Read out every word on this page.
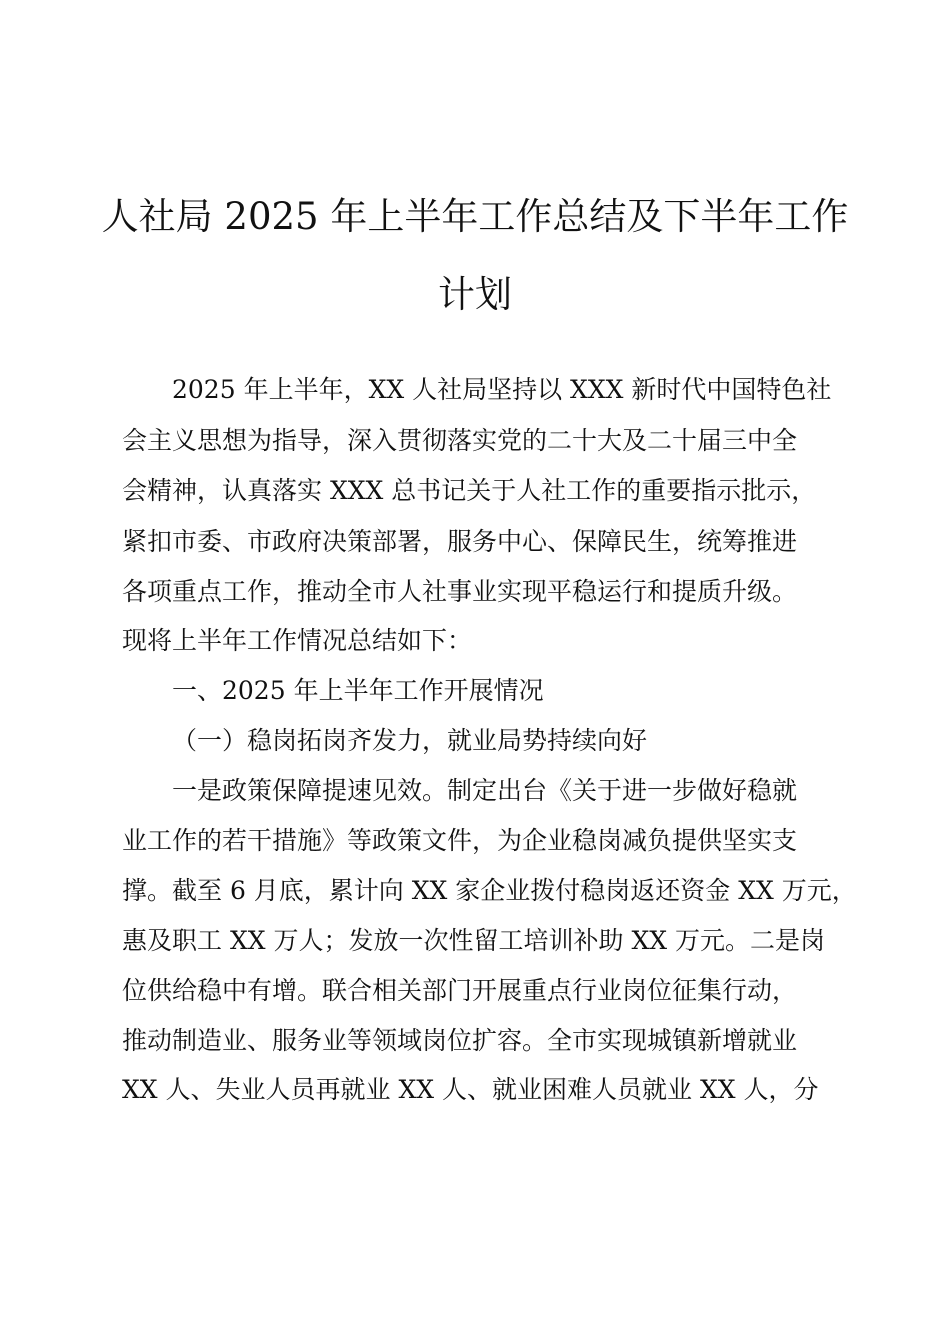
人社局 2025 年上半年工作总结及下半年工作
计划

2025 年上半年，XX 人社局坚持以 XXX 新时代中国特色社

会主义思想为指导，深入贯彻落实党的二十大及二十届三中全

会精神，认真落实 XXX 总书记关于人社工作的重要指示批示，

紧扣市委、市政府决策部署，服务中心、保障民生，统筹推进

各项重点工作，推动全市人社事业实现平稳运行和提质升级。

现将上半年工作情况总结如下：

一、2025 年上半年工作开展情况

（一）稳岗拓岗齐发力，就业局势持续向好

一是政策保障提速见效。制定出台《关于进一步做好稳就

业工作的若干措施》等政策文件，为企业稳岗减负提供坚实支

撑。截至 6 月底，累计向 XX 家企业拨付稳岗返还资金 XX 万元，

惠及职工 XX 万人；发放一次性留工培训补助 XX 万元。二是岗

位供给稳中有增。联合相关部门开展重点行业岗位征集行动，

推动制造业、服务业等领域岗位扩容。全市实现城镇新增就业

XX 人、失业人员再就业 XX 人、就业困难人员就业 XX 人，分
